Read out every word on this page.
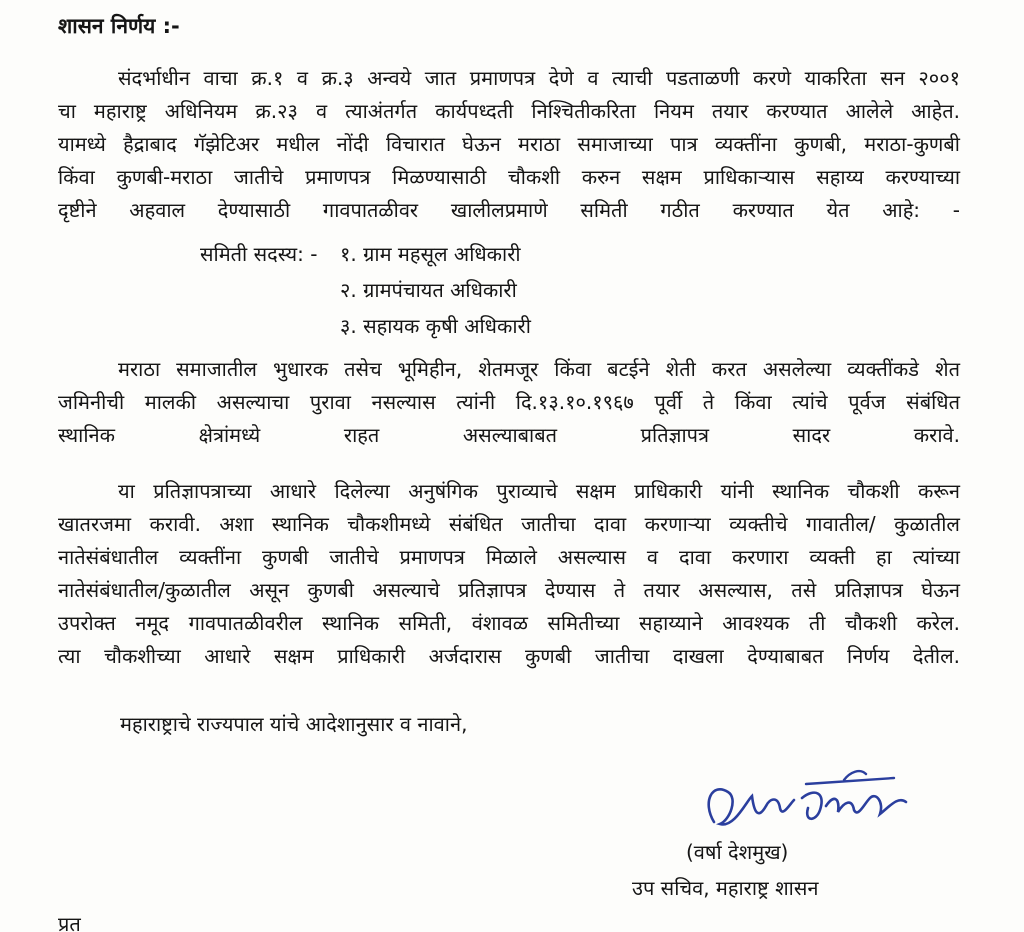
शासन निर्णय :-

संदर्भाधीन वाचा क्र.१ व क्र.३ अन्वये जात प्रमाणपत्र देणे व त्याची पडताळणी करणे याकरिता सन २००१
चा महाराष्ट्र अधिनियम क्र.२३ व त्याअंतर्गत कार्यपध्दती निश्चितीकरिता नियम तयार करण्यात आलेले आहेत.
यामध्ये हैद्राबाद गॅझेटिअर मधील नोंदी विचारात घेऊन मराठा समाजाच्या पात्र व्यक्तींना कुणबी, मराठा-कुणबी
किंवा कुणबी-मराठा जातीचे प्रमाणपत्र मिळण्यासाठी चौकशी करुन सक्षम प्राधिकाऱ्यास सहाय्य करण्याच्या
दृष्टीने अहवाल देण्यासाठी गावपातळीवर खालीलप्रमाणे समिती गठीत करण्यात येत आहे: -

समिती सदस्य: -	१. ग्राम महसूल अधिकारी
२. ग्रामपंचायत अधिकारी
३. सहायक कृषी अधिकारी

मराठा समाजातील भुधारक तसेच भूमिहीन, शेतमजूर किंवा बटईने शेती करत असलेल्या व्यक्तींकडे शेत
जमिनीची मालकी असल्याचा पुरावा नसल्यास त्यांनी दि.१३.१०.१९६७ पूर्वी ते किंवा त्यांचे पूर्वज संबंधित
स्थानिक क्षेत्रांमध्ये राहत असल्याबाबत प्रतिज्ञापत्र सादर करावे.

या प्रतिज्ञापत्राच्या आधारे दिलेल्या अनुषंगिक पुराव्याचे सक्षम प्राधिकारी यांनी स्थानिक चौकशी करून
खातरजमा करावी. अशा स्थानिक चौकशीमध्ये संबंधित जातीचा दावा करणाऱ्या व्यक्तीचे गावातील/ कुळातील
नातेसंबंधातील व्यक्तींना कुणबी जातीचे प्रमाणपत्र मिळाले असल्यास व दावा करणारा व्यक्ती हा त्यांच्या
नातेसंबंधातील/कुळातील असून कुणबी असल्याचे प्रतिज्ञापत्र देण्यास ते तयार असल्यास, तसे प्रतिज्ञापत्र घेऊन
उपरोक्त नमूद गावपातळीवरील स्थानिक समिती, वंशावळ समितीच्या सहाय्याने आवश्यक ती चौकशी करेल.
त्या चौकशीच्या आधारे सक्षम प्राधिकारी अर्जदारास कुणबी जातीचा दाखला देण्याबाबत निर्णय देतील.

महाराष्ट्राचे राज्यपाल यांचे आदेशानुसार व नावाने,
(वर्षा देशमुख)
उप सचिव, महाराष्ट्र शासन
प्रत
